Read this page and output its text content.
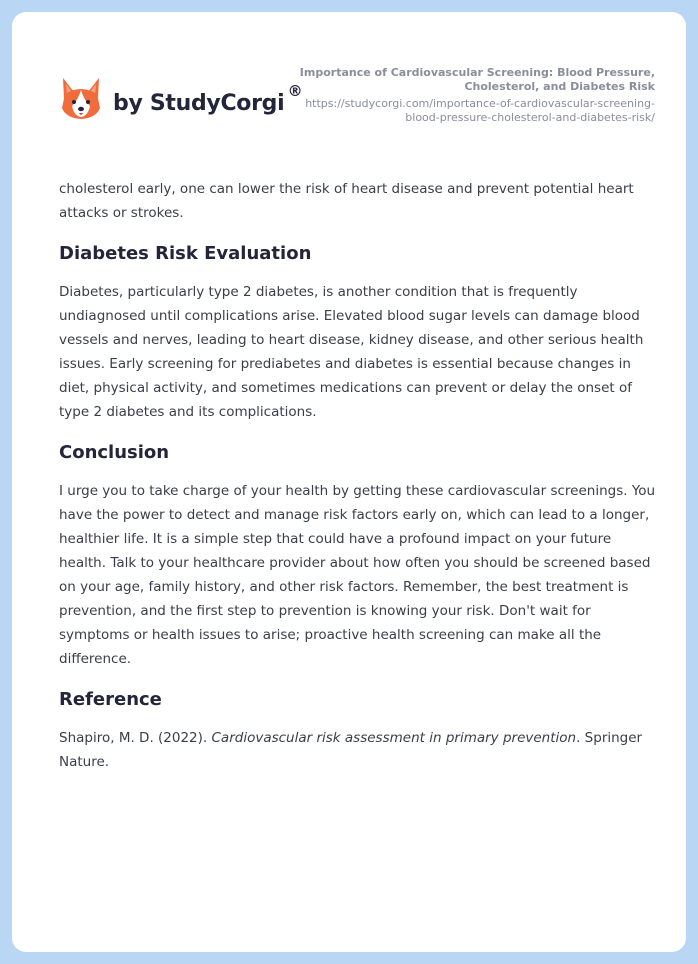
by StudyCorgi ®
Importance of Cardiovascular Screening: Blood Pressure, Cholesterol, and Diabetes Risk
https://studycorgi.com/importance-of-cardiovascular-screening-blood-pressure-cholesterol-and-diabetes-risk/

cholesterol early, one can lower the risk of heart disease and prevent potential heart attacks or strokes.

Diabetes Risk Evaluation

Diabetes, particularly type 2 diabetes, is another condition that is frequently undiagnosed until complications arise. Elevated blood sugar levels can damage blood vessels and nerves, leading to heart disease, kidney disease, and other serious health issues. Early screening for prediabetes and diabetes is essential because changes in diet, physical activity, and sometimes medications can prevent or delay the onset of type 2 diabetes and its complications.

Conclusion

I urge you to take charge of your health by getting these cardiovascular screenings. You have the power to detect and manage risk factors early on, which can lead to a longer, healthier life. It is a simple step that could have a profound impact on your future health. Talk to your healthcare provider about how often you should be screened based on your age, family history, and other risk factors. Remember, the best treatment is prevention, and the first step to prevention is knowing your risk. Don't wait for symptoms or health issues to arise; proactive health screening can make all the difference.

Reference

Shapiro, M. D. (2022). Cardiovascular risk assessment in primary prevention. Springer Nature.
